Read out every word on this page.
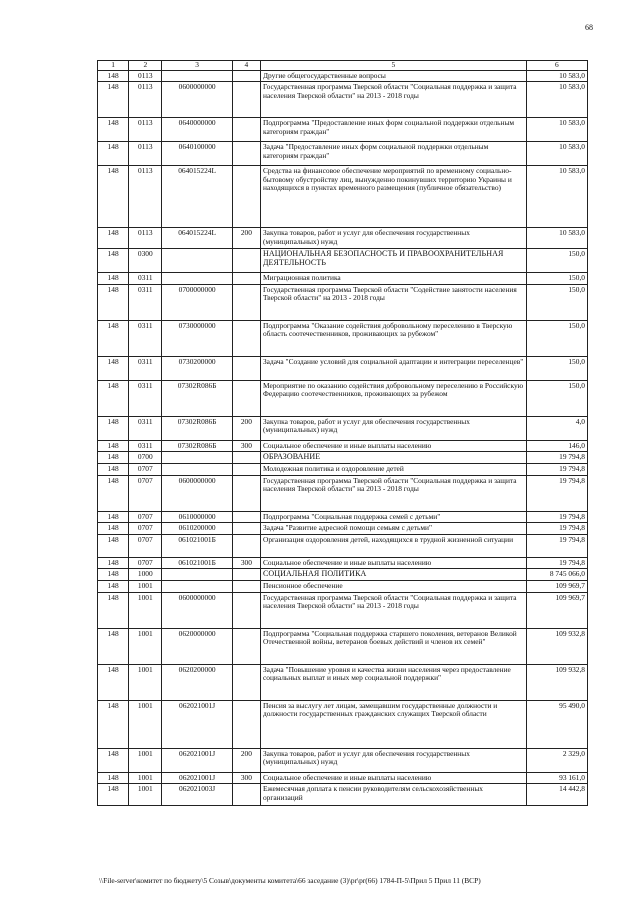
68
1	2	3	4	5	6
148	0113			Другие общегосударственные вопросы	10 583,0
148	0113	0600000000		Государственная программа Тверской области "Социальная поддержка и защита населения Тверской области" на 2013 - 2018 годы	10 583,0
148	0113	0640000000		Подпрограмма "Предоставление иных форм социальной поддержки отдельным категориям граждан"	10 583,0
148	0113	0640100000		Задача "Предоставление иных форм социальной поддержки отдельным категориям граждан"	10 583,0
148	0113	064015224L		Средства на финансовое обеспечение мероприятий по временному социально-бытовому обустройству лиц, вынужденно покинувших территорию Украины и находящихся в пунктах временного размещения (публичное обязательство)	10 583,0
148	0113	064015224L	200	Закупка товаров, работ и услуг для обеспечения государственных (муниципальных) нужд	10 583,0
148	0300			НАЦИОНАЛЬНАЯ БЕЗОПАСНОСТЬ И ПРАВООХРАНИТЕЛЬНАЯ ДЕЯТЕЛЬНОСТЬ	150,0
148	0311			Миграционная политика	150,0
148	0311	0700000000		Государственная программа Тверской области "Содействие занятости населения Тверской области" на 2013 - 2018 годы	150,0
148	0311	0730000000		Подпрограмма "Оказание содействия добровольному переселению в Тверскую область соотечественников, проживающих за рубежом"	150,0
148	0311	0730200000		Задача "Создание условий для социальной адаптации и интеграции переселенцев"	150,0
148	0311	07302R086Б		Мероприятие по оказанию содействия добровольному переселению в Российскую Федерацию соотечественников, проживающих за рубежом	150,0
148	0311	07302R086Б	200	Закупка товаров, работ и услуг для обеспечения государственных (муниципальных) нужд	4,0
148	0311	07302R086Б	300	Социальное обеспечение и иные выплаты населению	146,0
148	0700			ОБРАЗОВАНИЕ	19 794,8
148	0707			Молодежная политика и оздоровление детей	19 794,8
148	0707	0600000000		Государственная программа Тверской области "Социальная поддержка и защита населения Тверской области" на 2013 - 2018 годы	19 794,8
148	0707	0610000000		Подпрограмма "Социальная поддержка семей с детьми"	19 794,8
148	0707	0610200000		Задача "Развитие адресной помощи семьям с детьми"	19 794,8
148	0707	061021001Б		Организация оздоровления детей, находящихся в трудной жизненной ситуации	19 794,8
148	0707	061021001Б	300	Социальное обеспечение и иные выплаты населению	19 794,8
148	1000			СОЦИАЛЬНАЯ ПОЛИТИКА	8 745 066,0
148	1001			Пенсионное обеспечение	109 969,7
148	1001	0600000000		Государственная программа Тверской области "Социальная поддержка и защита населения Тверской области" на 2013 - 2018 годы	109 969,7
148	1001	0620000000		Подпрограмма "Социальная поддержка старшего поколения, ветеранов Великой Отечественной войны, ветеранов боевых действий и членов их семей"	109 932,8
148	1001	0620200000		Задача "Повышение уровня и качества жизни населения через предоставление социальных выплат и иных мер социальной поддержки"	109 932,8
148	1001	062021001J		Пенсия за выслугу лет лицам, замещавшим государственные должности и должности государственных гражданских служащих Тверской области	95 490,0
148	1001	062021001J	200	Закупка товаров, работ и услуг для обеспечения государственных (муниципальных) нужд	2 329,0
148	1001	062021001J	300	Социальное обеспечение и иные выплаты населению	93 161,0
148	1001	062021003J		Ежемесячная доплата к пенсии руководителям сельскохозяйственных организаций	14 442,8
\\File-server\комитет по бюджету\5 Созыв\документы комитета\66 заседание (3)\pr\pr(66) 1784-П-5\Прил 5 Прил 11 (ВСР)
